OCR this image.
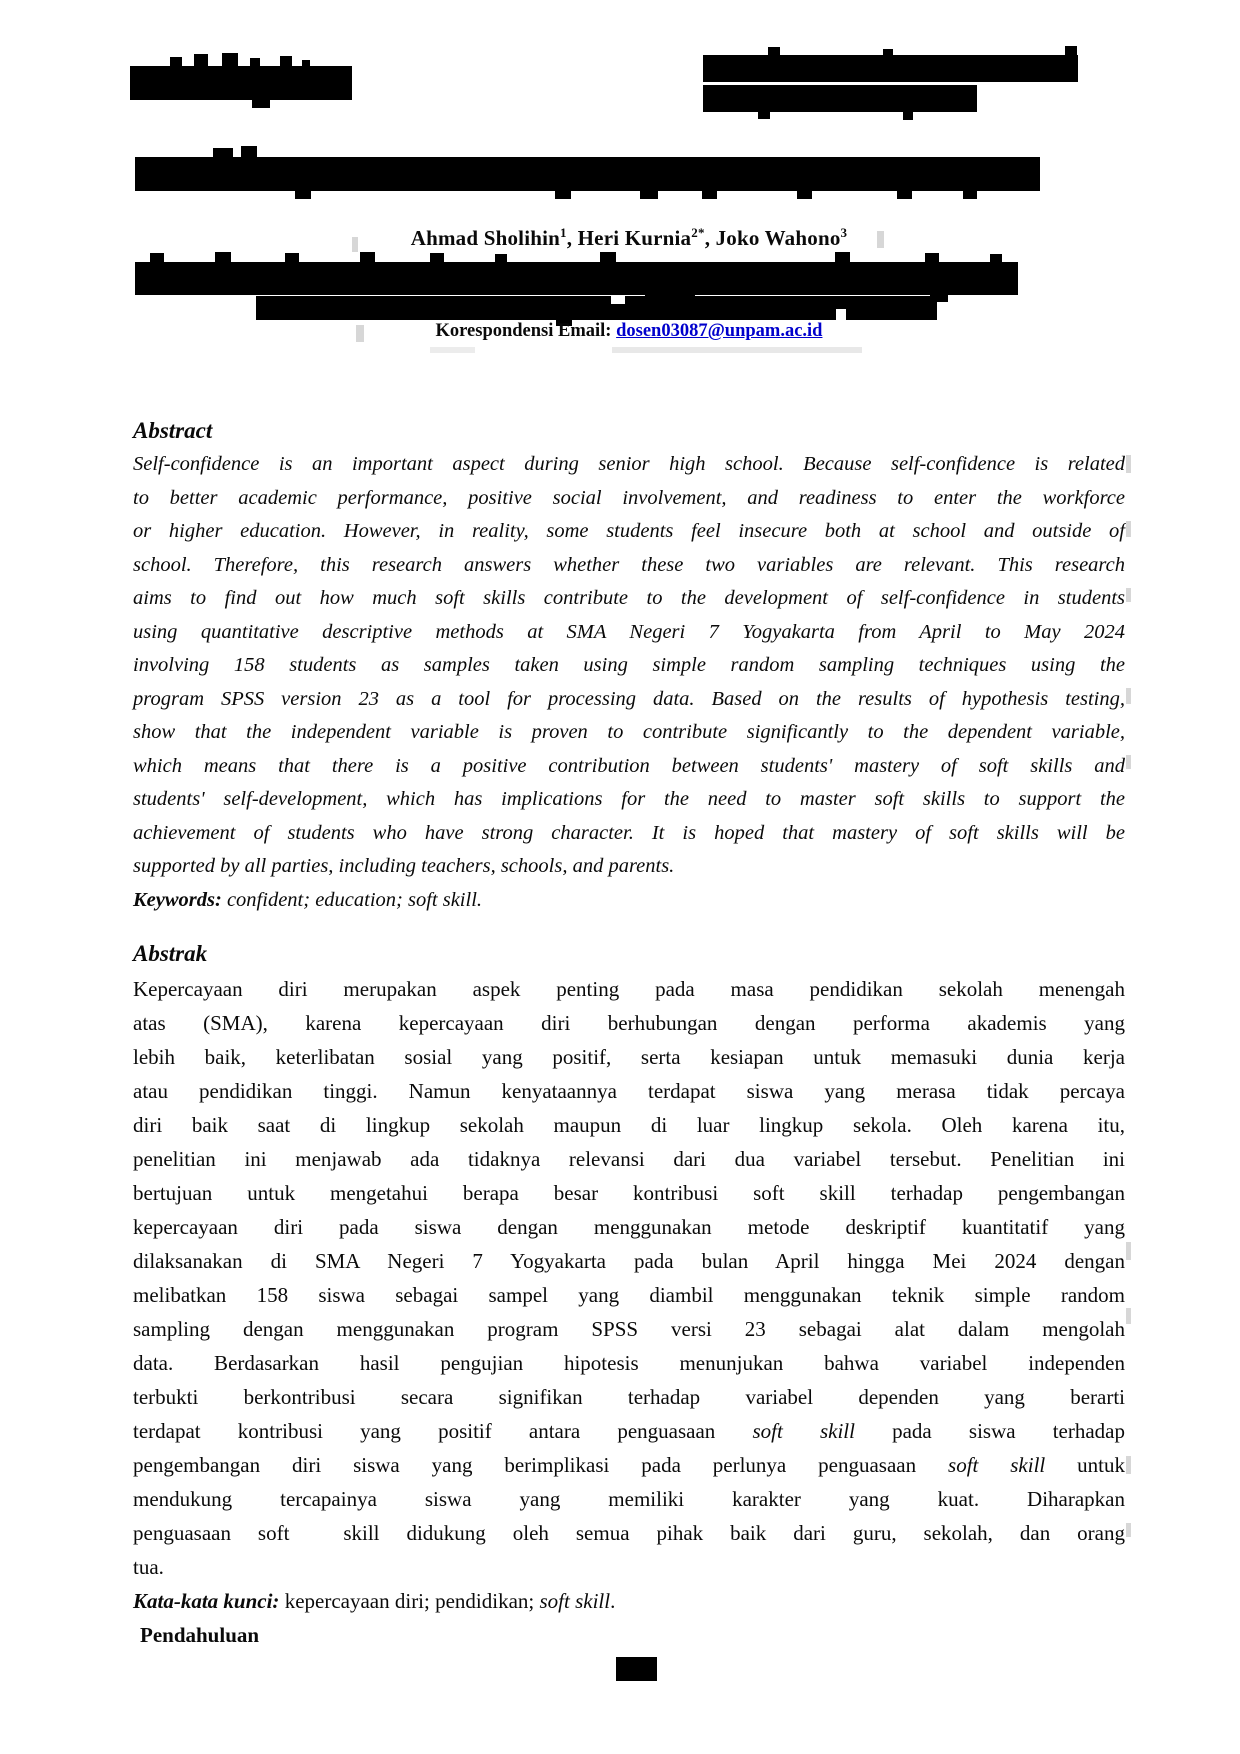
Ahmad Sholihin$^1$, Heri Kurnia$^{2*}$, Joko Wahono$^3$
Korespondensi Email: dosen03087@unpam.ac.id
Abstract
Self-confidence is an important aspect during senior high school. Because self-confidence is related
to better academic performance, positive social involvement, and readiness to enter the workforce
or higher education. However, in reality, some students feel insecure both at school and outside of
school. Therefore, this research answers whether these two variables are relevant. This research
aims to find out how much soft skills contribute to the development of self-confidence in students
using quantitative descriptive methods at SMA Negeri 7 Yogyakarta from April to May 2024
involving 158 students as samples taken using simple random sampling techniques using the
program SPSS version 23 as a tool for processing data. Based on the results of hypothesis testing,
show that the independent variable is proven to contribute significantly to the dependent variable,
which means that there is a positive contribution between students' mastery of soft skills and
students' self-development, which has implications for the need to master soft skills to support the
achievement of students who have strong character. It is hoped that mastery of soft skills will be
supported by all parties, including teachers, schools, and parents.
Keywords: confident; education; soft skill.
Abstrak
Kepercayaan diri merupakan aspek penting pada masa pendidikan sekolah menengah
atas (SMA), karena kepercayaan diri berhubungan dengan performa akademis yang
lebih baik, keterlibatan sosial yang positif, serta kesiapan untuk memasuki dunia kerja
atau pendidikan tinggi. Namun kenyataannya terdapat siswa yang merasa tidak percaya
diri baik saat di lingkup sekolah maupun di luar lingkup sekola. Oleh karena itu,
penelitian ini menjawab ada tidaknya relevansi dari dua variabel tersebut. Penelitian ini
bertujuan untuk mengetahui berapa besar kontribusi soft skill terhadap pengembangan
kepercayaan diri pada siswa dengan menggunakan metode deskriptif kuantitatif yang
dilaksanakan di SMA Negeri 7 Yogyakarta pada bulan April hingga Mei 2024 dengan
melibatkan 158 siswa sebagai sampel yang diambil menggunakan teknik simple random
sampling dengan menggunakan program SPSS versi 23 sebagai alat dalam mengolah
data. Berdasarkan hasil pengujian hipotesis menunjukan bahwa variabel independen
terbukti berkontribusi secara signifikan terhadap variabel dependen yang berarti
terdapat kontribusi yang positif antara penguasaan soft skill pada siswa terhadap
pengembangan diri siswa yang berimplikasi pada perlunya penguasaan soft skill untuk
mendukung tercapainya siswa yang memiliki karakter yang kuat. Diharapkan
penguasaan soft  skill didukung oleh semua pihak baik dari guru, sekolah, dan orang
tua.
Kata-kata kunci: kepercayaan diri; pendidikan; soft skill.
Pendahuluan
